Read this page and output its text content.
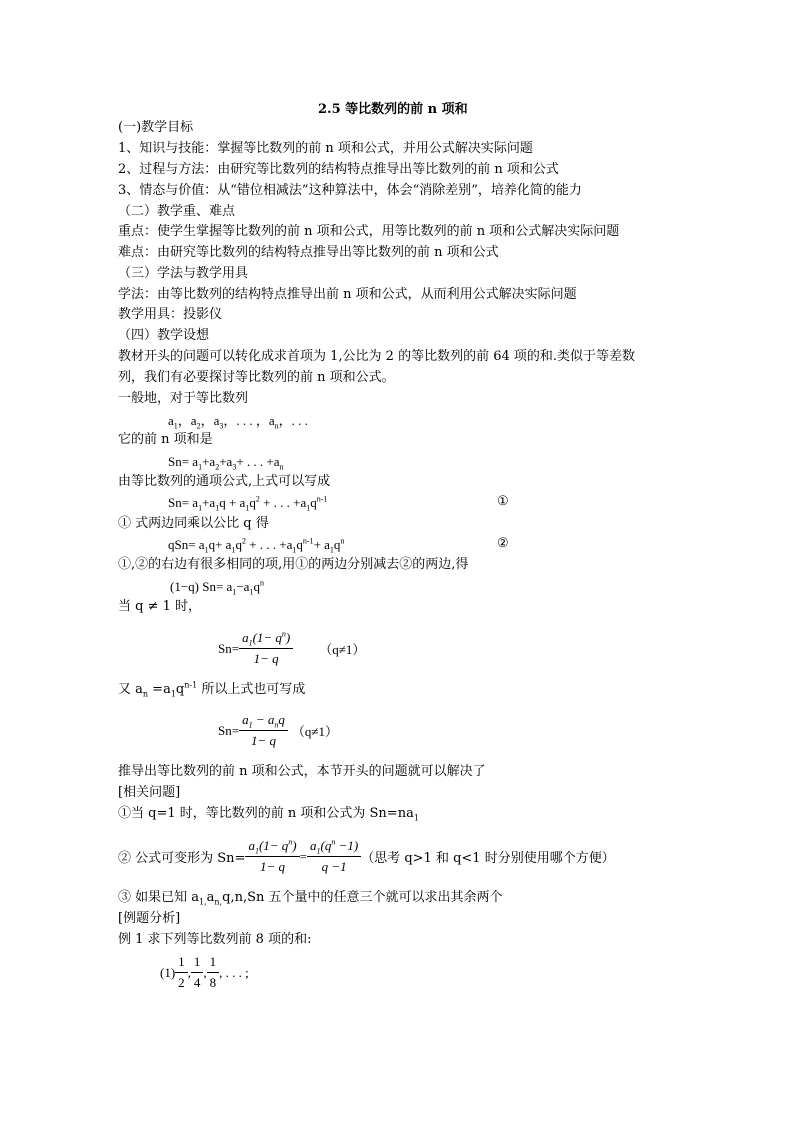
2.5 等比数列的前 n 项和
(一)教学目标
1、知识与技能：掌握等比数列的前 n 项和公式，并用公式解决实际问题
2、过程与方法：由研究等比数列的结构特点推导出等比数列的前 n 项和公式
3、情态与价值：从“错位相减法”这种算法中，体会“消除差别”，培养化简的能力
（二）教学重、难点
重点：使学生掌握等比数列的前 n 项和公式，用等比数列的前 n 项和公式解决实际问题
难点：由研究等比数列的结构特点推导出等比数列的前 n 项和公式
（三）学法与教学用具
学法：由等比数列的结构特点推导出前 n 项和公式，从而利用公式解决实际问题
教学用具：投影仪
（四）教学设想
教材开头的问题可以转化成求首项为 1,公比为 2 的等比数列的前 64 项的和.类似于等差数
列，我们有必要探讨等比数列的前 n 项和公式。
一般地，对于等比数列
$a_1$，$a_2$，$a_3$，. . . ，$a_n$，. . .
它的前 n 项和是
$Sn= a_1+a_2+a_3+$ . . . $+a_n$
由等比数列的通项公式,上式可以写成
$Sn= a_1+a_1q + a_1q^2$ + . . . $+a_1q^{n-1}$	①
① 式两边同乘以公比 q 得
$qSn= a_1q+ a_1q^2$ + . . . $+a_1q^{n-1}+ a_1q^n$	②
①,②的右边有很多相同的项,用①的两边分别减去②的两边,得
(1−q) $Sn= a_1-a_1q^n$
当 q ≠ 1 时，
$Sn= \frac{a_1(1- q^n)}{1- q} (q\ne 1)$
又 $a_n =a_1q^{n-1}$ 所以上式也可写成
$Sn= \frac{a_1 - a_nq}{1- q} (q\ne 1)$
推导出等比数列的前 n 项和公式，本节开头的问题就可以解决了
[相关问题]
①当 q=1 时，等比数列的前 n 项和公式为 $Sn=na_1$
② 公式可变形为 $Sn= \frac{a_1(1- q^n)}{1- q} = \frac{a_1(q^n -1)}{q -1}$ （思考 q>1 和 q<1 时分别使用哪个方便）
③ 如果已知 $a_{1,}a_{n,}q,n,Sn$ 五个量中的任意三个就可以求出其余两个
[例题分析]
例 1 求下列等比数列前 8 项的和:
$(1) \frac{1}{2}$ , $\frac{1}{4}$ , $\frac{1}{8}$ , . . . ;
